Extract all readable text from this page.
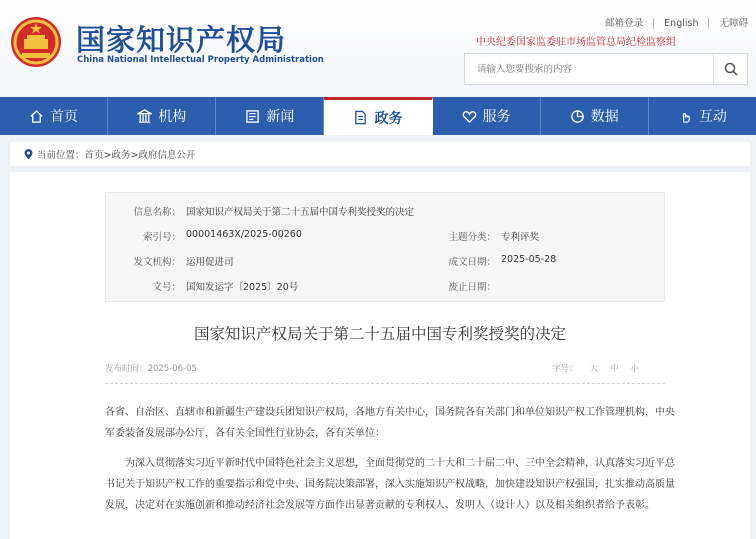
国家知识产权局
China National Intellectual Property Administration
邮箱登录	English	无障碍
中央纪委国家监委驻市场监管总局纪检监察组
请输入您要搜索的内容
首页	机构	新闻	政务	服务	数据	互动
当前位置： 首页>政务>政府信息公开
信息名称： 国家知识产权局关于第二十五届中国专利奖授奖的决定
索引号： 00001463X/2025-00260	主题分类： 专利评奖
发文机构： 运用促进司	成文日期： 2025-05-28
文号： 国知发运字〔2025〕20号	废止日期：
国家知识产权局关于第二十五届中国专利奖授奖的决定
发布时间：2025-06-05	字号： 大 中 小
各省、自治区、直辖市和新疆生产建设兵团知识产权局，各地方有关中心，国务院各有关部门和单位知识产权工作管理机构，中央军委装备发展部办公厅，各有关全国性行业协会，各有关单位：
为深入贯彻落实习近平新时代中国特色社会主义思想，全面贯彻党的二十大和二十届二中、三中全会精神，认真落实习近平总书记关于知识产权工作的重要指示和党中央、国务院决策部署，深入实施知识产权战略，加快建设知识产权强国，扎实推动高质量发展，决定对在实施创新和推动经济社会发展等方面作出显著贡献的专利权人、发明人（设计人）以及相关组织者给予表彰。
